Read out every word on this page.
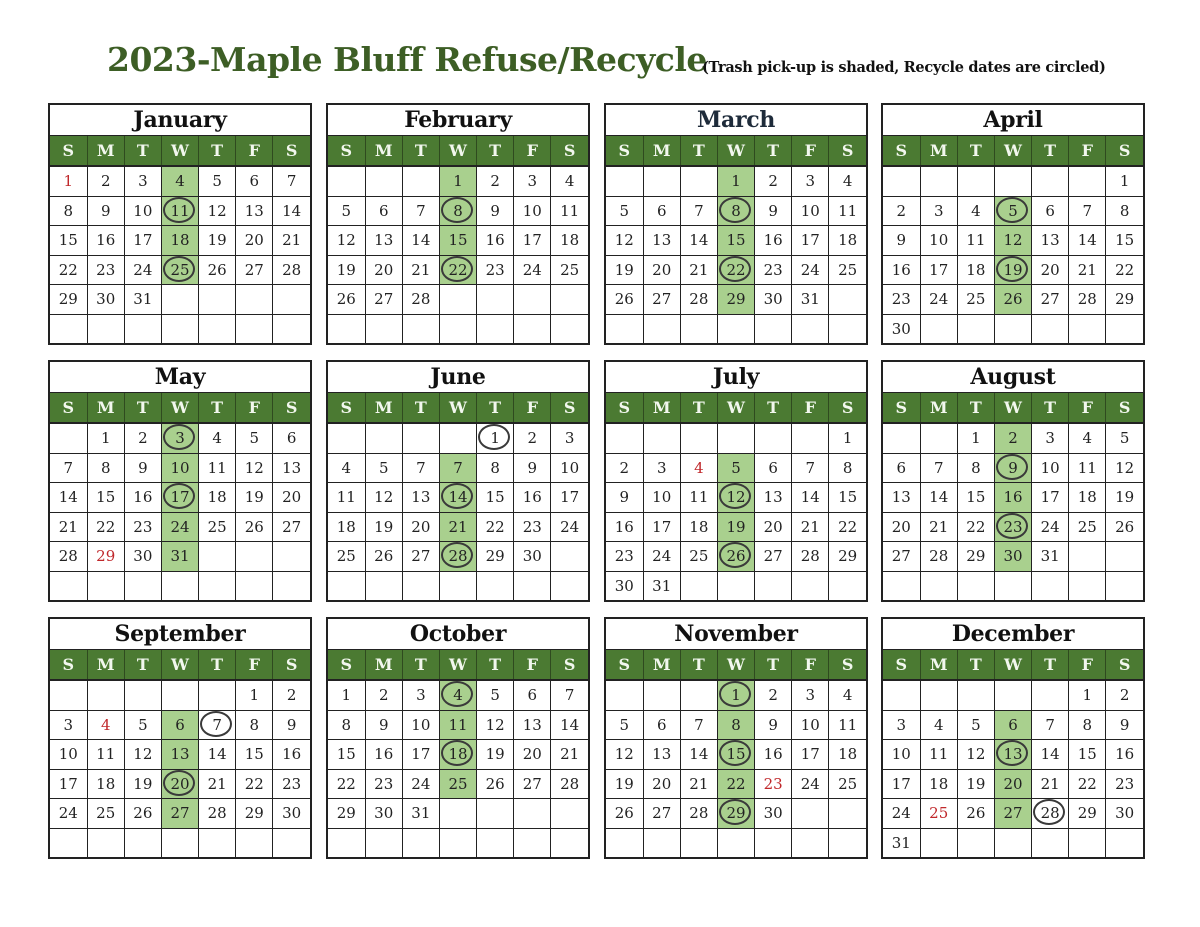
2023-Maple Bluff Refuse/Recycle
(Trash pick-up is shaded, Recycle dates are circled)
January
S	M	T	W	T	F	S
1	2	3	4	5	6	7
8	9	10	11	12	13	14
15	16	17	18	19	20	21
22	23	24	25	26	27	28
29	30	31				

February
S	M	T	W	T	F	S
			1	2	3	4
5	6	7	8	9	10	11
12	13	14	15	16	17	18
19	20	21	22	23	24	25
26	27	28				

March
S	M	T	W	T	F	S
			1	2	3	4
5	6	7	8	9	10	11
12	13	14	15	16	17	18
19	20	21	22	23	24	25
26	27	28	29	30	31	

April
S	M	T	W	T	F	S
						1
2	3	4	5	6	7	8
9	10	11	12	13	14	15
16	17	18	19	20	21	22
23	24	25	26	27	28	29
30						
May
S	M	T	W	T	F	S
	1	2	3	4	5	6
7	8	9	10	11	12	13
14	15	16	17	18	19	20
21	22	23	24	25	26	27
28	29	30	31			

June
S	M	T	W	T	F	S
				1	2	3
4	5	7	7	8	9	10
11	12	13	14	15	16	17
18	19	20	21	22	23	24
25	26	27	28	29	30	

July
S	M	T	W	T	F	S
						1
2	3	4	5	6	7	8
9	10	11	12	13	14	15
16	17	18	19	20	21	22
23	24	25	26	27	28	29
30	31					
August
S	M	T	W	T	F	S
		1	2	3	4	5
6	7	8	9	10	11	12
13	14	15	16	17	18	19
20	21	22	23	24	25	26
27	28	29	30	31		

September
S	M	T	W	T	F	S
					1	2
3	4	5	6	7	8	9
10	11	12	13	14	15	16
17	18	19	20	21	22	23
24	25	26	27	28	29	30

October
S	M	T	W	T	F	S
1	2	3	4	5	6	7
8	9	10	11	12	13	14
15	16	17	18	19	20	21
22	23	24	25	26	27	28
29	30	31				

November
S	M	T	W	T	F	S
			1	2	3	4
5	6	7	8	9	10	11
12	13	14	15	16	17	18
19	20	21	22	23	24	25
26	27	28	29	30		

December
S	M	T	W	T	F	S
					1	2
3	4	5	6	7	8	9
10	11	12	13	14	15	16
17	18	19	20	21	22	23
24	25	26	27	28	29	30
31						
